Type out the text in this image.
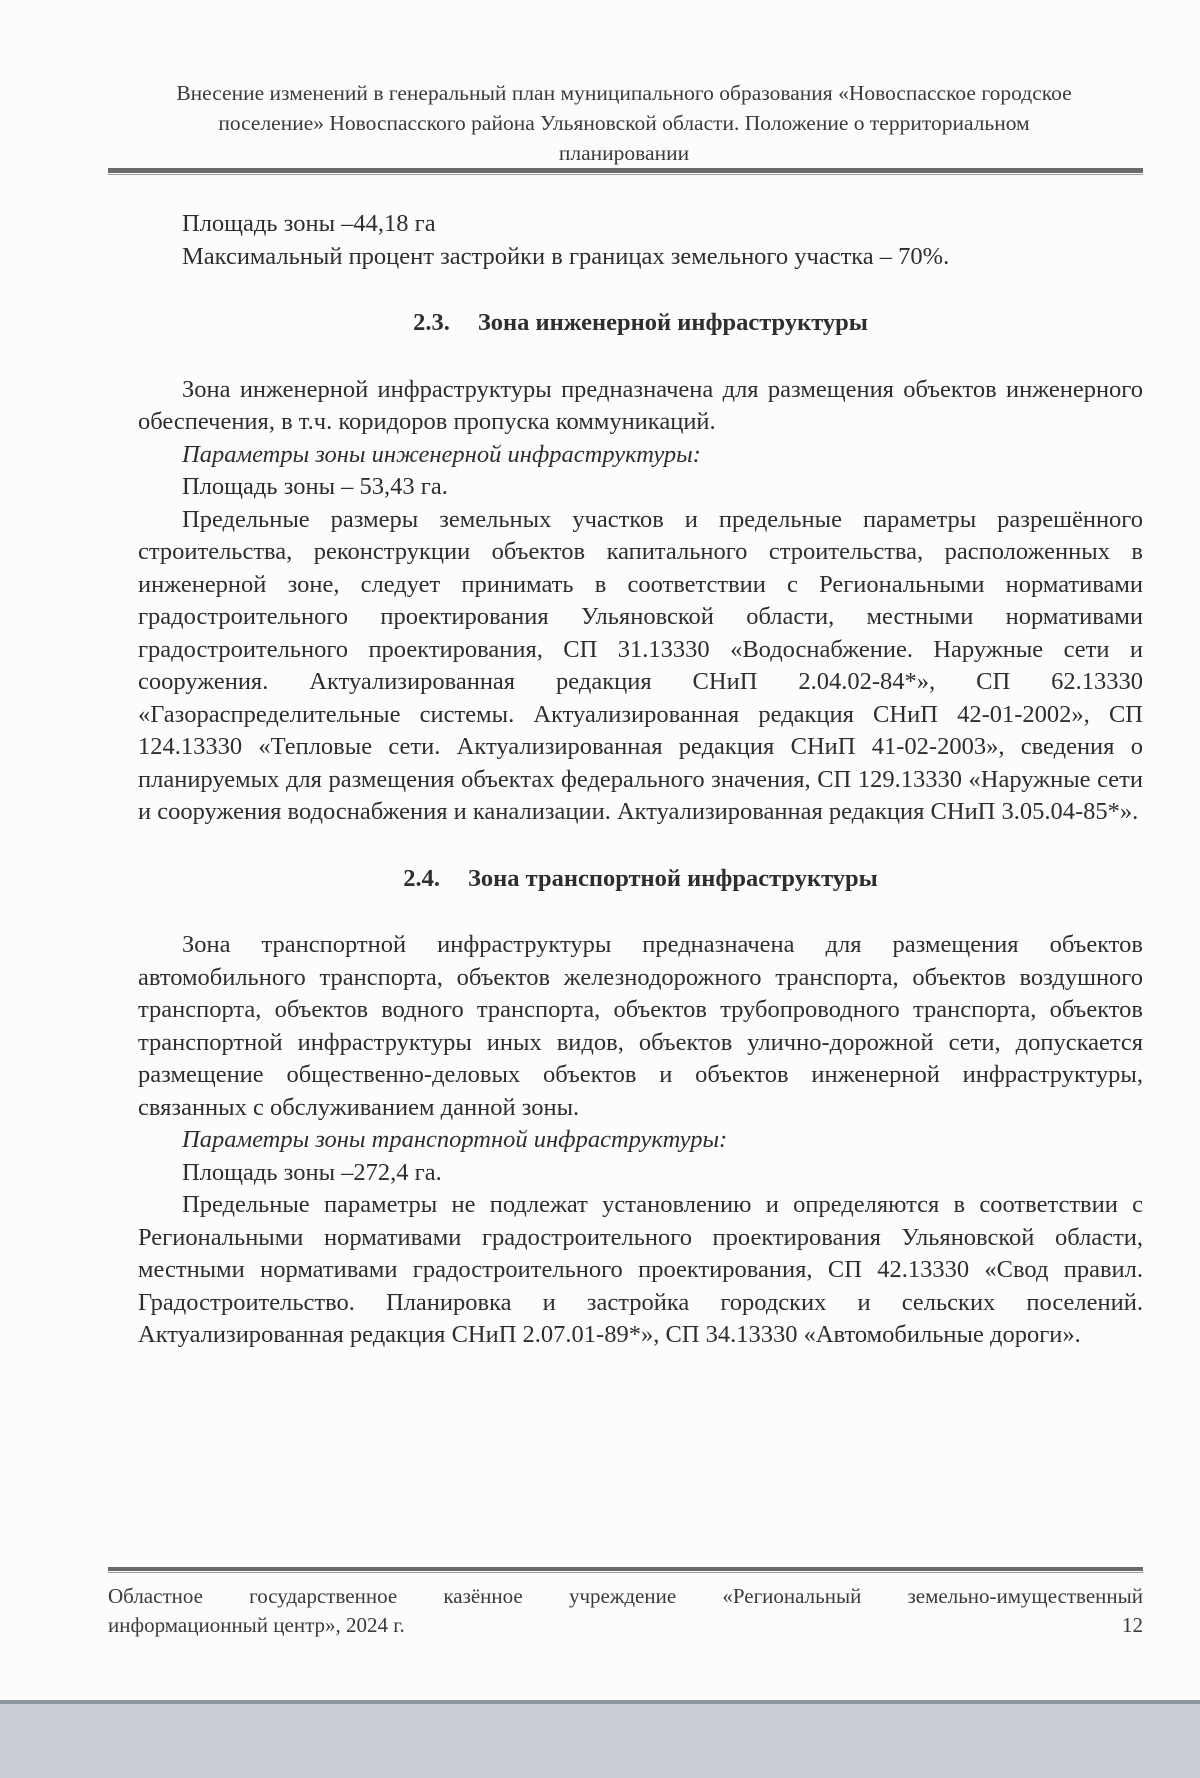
Внесение изменений в генеральный план муниципального образования «Новоспасское городское
поселение» Новоспасского района Ульяновской области. Положение о территориальном
планировании

Площадь зоны –44,18 га

Максимальный процент застройки в границах земельного участка – 70%.

2.3. Зона инженерной инфраструктуры

Зона инженерной инфраструктуры предназначена для размещения объектов инженерного обеспечения, в т.ч. коридоров пропуска коммуникаций.

Параметры зоны инженерной инфраструктуры:

Площадь зоны – 53,43 га.

Предельные размеры земельных участков и предельные параметры разрешённого строительства, реконструкции объектов капитального строительства, расположенных в инженерной зоне, следует принимать в соответствии с Региональными нормативами градостроительного проектирования Ульяновской области, местными нормативами градостроительного проектирования, СП 31.13330 «Водоснабжение. Наружные сети и сооружения. Актуализированная редакция СНиП 2.04.02-84*», СП 62.13330 «Газораспределительные системы. Актуализированная редакция СНиП 42-01-2002», СП 124.13330 «Тепловые сети. Актуализированная редакция СНиП 41-02-2003», сведения о планируемых для размещения объектах федерального значения, СП 129.13330 «Наружные сети и сооружения водоснабжения и канализации. Актуализированная редакция СНиП 3.05.04-85*».

2.4. Зона транспортной инфраструктуры

Зона транспортной инфраструктуры предназначена для размещения объектов автомобильного транспорта, объектов железнодорожного транспорта, объектов воздушного транспорта, объектов водного транспорта, объектов трубопроводного транспорта, объектов транспортной инфраструктуры иных видов, объектов улично-дорожной сети, допускается размещение общественно-деловых объектов и объектов инженерной инфраструктуры, связанных с обслуживанием данной зоны.

Параметры зоны транспортной инфраструктуры:

Площадь зоны –272,4 га.

Предельные параметры не подлежат установлению и определяются в соответствии с Региональными нормативами градостроительного проектирования Ульяновской области, местными нормативами градостроительного проектирования, СП 42.13330 «Свод правил. Градостроительство. Планировка и застройка городских и сельских поселений. Актуализированная редакция СНиП 2.07.01-89*», СП 34.13330 «Автомобильные дороги».

Областное государственное казённое учреждение «Региональный земельно-имущественный
информационный центр», 2024 г.	12
